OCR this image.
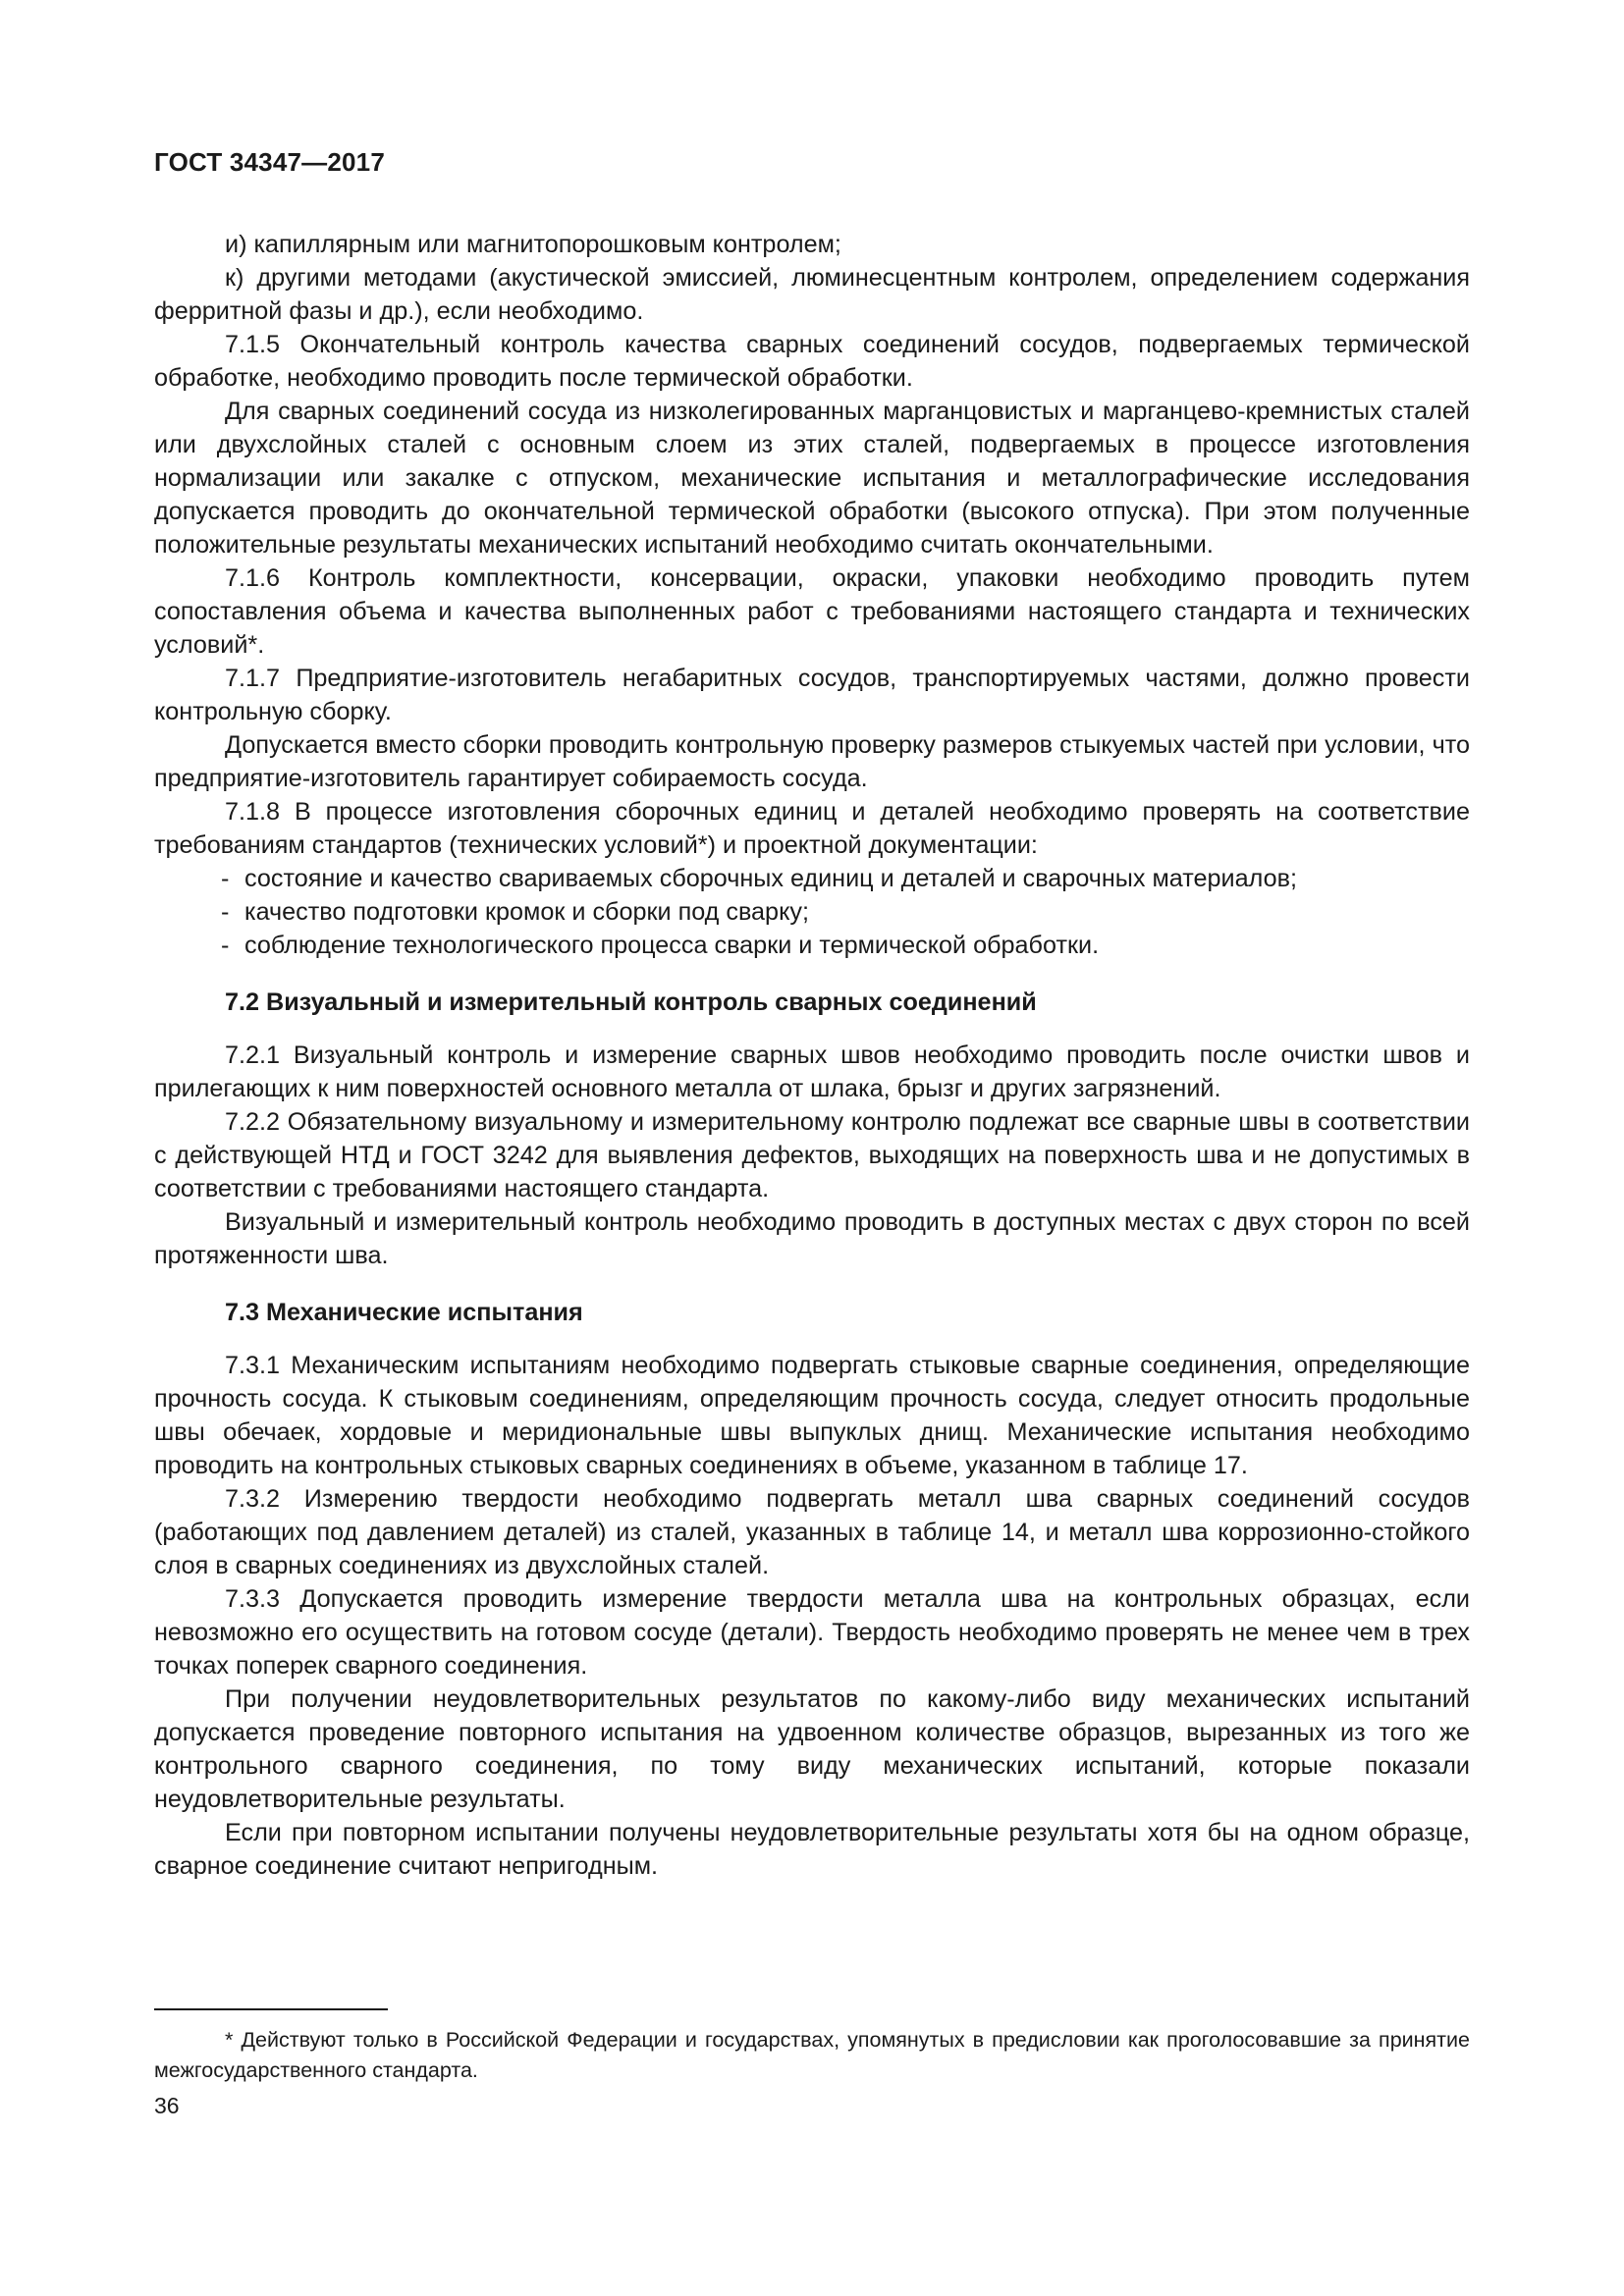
ГОСТ 34347—2017

и) капиллярным или магнитопорошковым контролем;

к) другими методами (акустической эмиссией, люминесцентным контролем, определением содержания ферритной фазы и др.), если необходимо.

7.1.5 Окончательный контроль качества сварных соединений сосудов, подвергаемых термической обработке, необходимо проводить после термической обработки.

Для сварных соединений сосуда из низколегированных марганцовистых и марганцево-кремнистых сталей или двухслойных сталей с основным слоем из этих сталей, подвергаемых в процессе изготовления нормализации или закалке с отпуском, механические испытания и металлографические исследования допускается проводить до окончательной термической обработки (высокого отпуска). При этом полученные положительные результаты механических испытаний необходимо считать окончательными.

7.1.6 Контроль комплектности, консервации, окраски, упаковки необходимо проводить путем сопоставления объема и качества выполненных работ с требованиями настоящего стандарта и технических условий*.

7.1.7 Предприятие-изготовитель негабаритных сосудов, транспортируемых частями, должно провести контрольную сборку.

Допускается вместо сборки проводить контрольную проверку размеров стыкуемых частей при условии, что предприятие-изготовитель гарантирует собираемость сосуда.

7.1.8 В процессе изготовления сборочных единиц и деталей необходимо проверять на соответствие требованиям стандартов (технических условий*) и проектной документации:

- состояние и качество свариваемых сборочных единиц и деталей и сварочных материалов;

- качество подготовки кромок и сборки под сварку;

- соблюдение технологического процесса сварки и термической обработки.

7.2 Визуальный и измерительный контроль сварных соединений

7.2.1 Визуальный контроль и измерение сварных швов необходимо проводить после очистки швов и прилегающих к ним поверхностей основного металла от шлака, брызг и других загрязнений.

7.2.2 Обязательному визуальному и измерительному контролю подлежат все сварные швы в соответствии с действующей НТД и ГОСТ 3242 для выявления дефектов, выходящих на поверхность шва и не допустимых в соответствии с требованиями настоящего стандарта.

Визуальный и измерительный контроль необходимо проводить в доступных местах с двух сторон по всей протяженности шва.

7.3 Механические испытания

7.3.1 Механическим испытаниям необходимо подвергать стыковые сварные соединения, определяющие прочность сосуда. К стыковым соединениям, определяющим прочность сосуда, следует относить продольные швы обечаек, хордовые и меридиональные швы выпуклых днищ. Механические испытания необходимо проводить на контрольных стыковых сварных соединениях в объеме, указанном в таблице 17.

7.3.2 Измерению твердости необходимо подвергать металл шва сварных соединений сосудов (работающих под давлением деталей) из сталей, указанных в таблице 14, и металл шва коррозионно-стойкого слоя в сварных соединениях из двухслойных сталей.

7.3.3 Допускается проводить измерение твердости металла шва на контрольных образцах, если невозможно его осуществить на готовом сосуде (детали). Твердость необходимо проверять не менее чем в трех точках поперек сварного соединения.

При получении неудовлетворительных результатов по какому-либо виду механических испытаний допускается проведение повторного испытания на удвоенном количестве образцов, вырезанных из того же контрольного сварного соединения, по тому виду механических испытаний, которые показали неудовлетворительные результаты.

Если при повторном испытании получены неудовлетворительные результаты хотя бы на одном образце, сварное соединение считают непригодным.

* Действуют только в Российской Федерации и государствах, упомянутых в предисловии как проголосовавшие за принятие межгосударственного стандарта.

36
